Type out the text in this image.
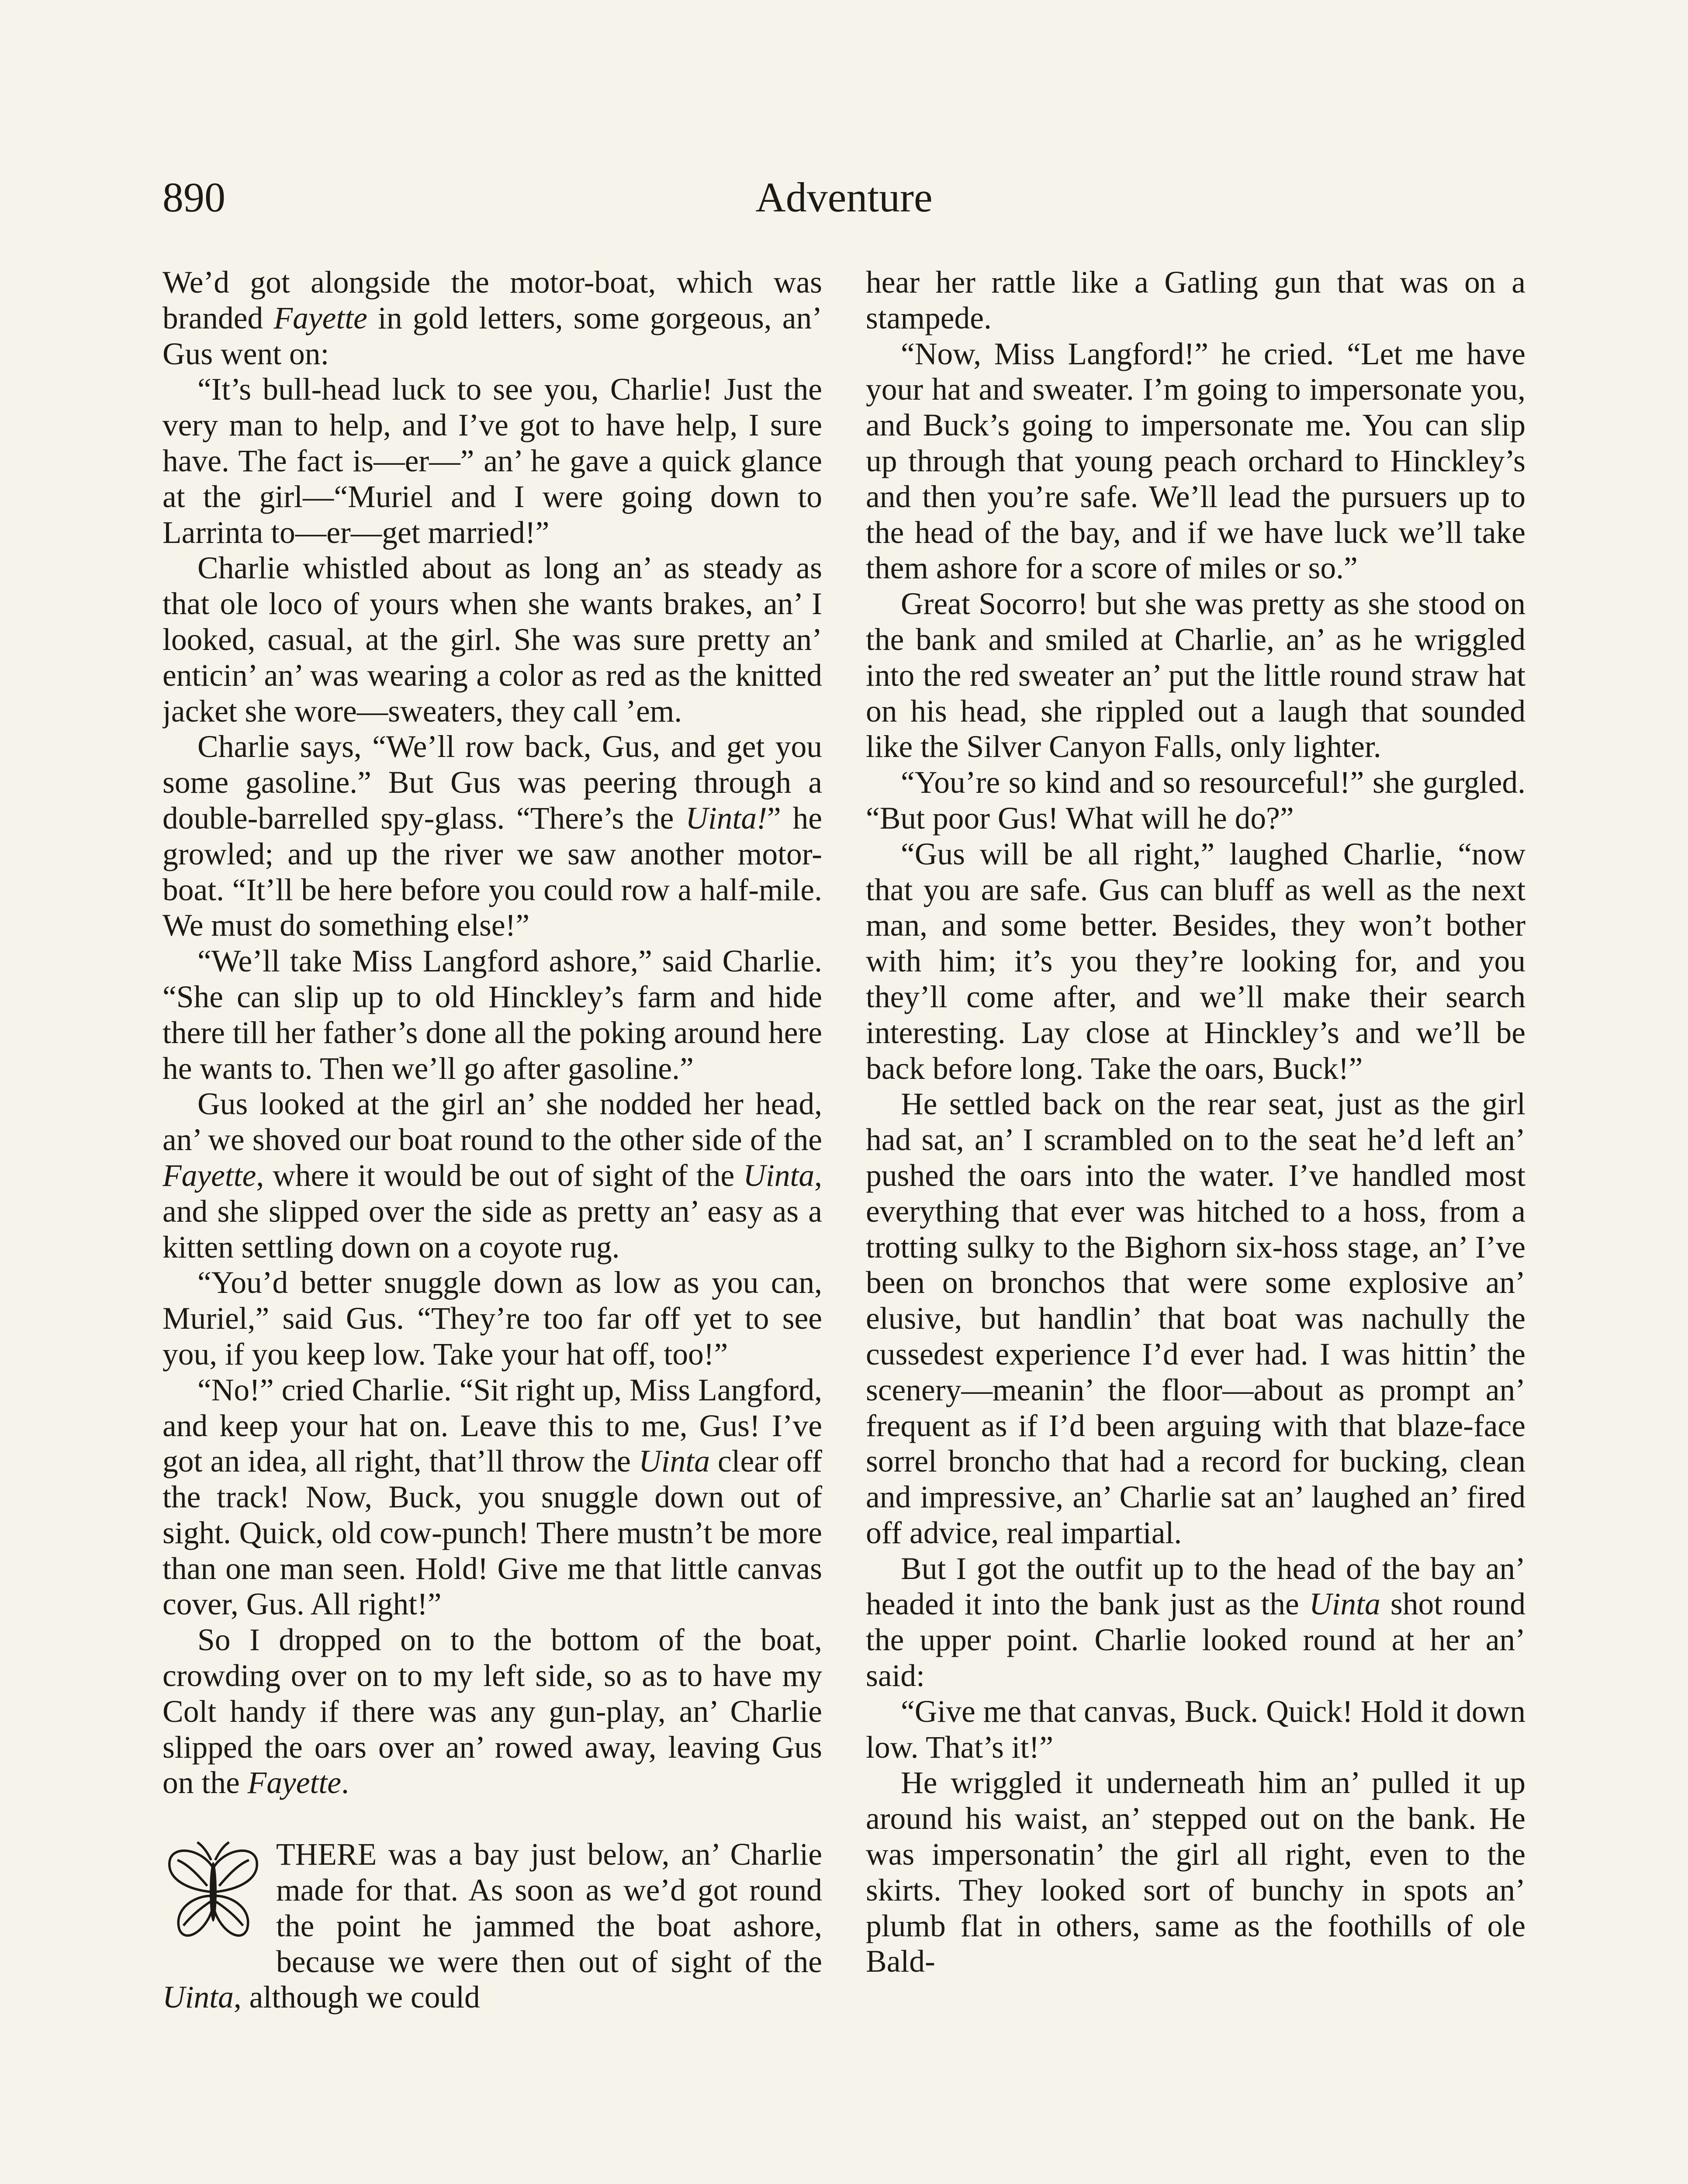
890	Adventure

We’d got alongside the motor-boat, which was branded Fayette in gold letters, some gorgeous, an’ Gus went on:

“It’s bull-head luck to see you, Charlie! Just the very man to help, and I’ve got to have help, I sure have. The fact is—er—” an’ he gave a quick glance at the girl—“Muriel and I were going down to Larrinta to—er—get married!”

Charlie whistled about as long an’ as steady as that ole loco of yours when she wants brakes, an’ I looked, casual, at the girl. She was sure pretty an’ enticin’ an’ was wearing a color as red as the knitted jacket she wore—sweaters, they call ’em.

Charlie says, “We’ll row back, Gus, and get you some gasoline.” But Gus was peering through a double-barrelled spy-glass. “There’s the Uinta!” he growled; and up the river we saw another motor-boat. “It’ll be here before you could row a half-mile. We must do something else!”

“We’ll take Miss Langford ashore,” said Charlie. “She can slip up to old Hinckley’s farm and hide there till her father’s done all the poking around here he wants to. Then we’ll go after gasoline.”

Gus looked at the girl an’ she nodded her head, an’ we shoved our boat round to the other side of the Fayette, where it would be out of sight of the Uinta, and she slipped over the side as pretty an’ easy as a kitten settling down on a coyote rug.

“You’d better snuggle down as low as you can, Muriel,” said Gus. “They’re too far off yet to see you, if you keep low. Take your hat off, too!”

“No!” cried Charlie. “Sit right up, Miss Langford, and keep your hat on. Leave this to me, Gus! I’ve got an idea, all right, that’ll throw the Uinta clear off the track! Now, Buck, you snuggle down out of sight. Quick, old cow-punch! There mustn’t be more than one man seen. Hold! Give me that little canvas cover, Gus. All right!”

So I dropped on to the bottom of the boat, crowding over on to my left side, so as to have my Colt handy if there was any gun-play, an’ Charlie slipped the oars over an’ rowed away, leaving Gus on the Fayette.

THERE was a bay just below, an’ Charlie made for that. As soon as we’d got round the point he jammed the boat ashore, because we were then out of sight of the Uinta, although we could

hear her rattle like a Gatling gun that was on a stampede.

“Now, Miss Langford!” he cried. “Let me have your hat and sweater. I’m going to impersonate you, and Buck’s going to impersonate me. You can slip up through that young peach orchard to Hinckley’s and then you’re safe. We’ll lead the pursuers up to the head of the bay, and if we have luck we’ll take them ashore for a score of miles or so.”

Great Socorro! but she was pretty as she stood on the bank and smiled at Charlie, an’ as he wriggled into the red sweater an’ put the little round straw hat on his head, she rippled out a laugh that sounded like the Silver Canyon Falls, only lighter.

“You’re so kind and so resourceful!” she gurgled. “But poor Gus! What will he do?”

“Gus will be all right,” laughed Charlie, “now that you are safe. Gus can bluff as well as the next man, and some better. Besides, they won’t bother with him; it’s you they’re looking for, and you they’ll come after, and we’ll make their search interesting. Lay close at Hinckley’s and we’ll be back before long. Take the oars, Buck!”

He settled back on the rear seat, just as the girl had sat, an’ I scrambled on to the seat he’d left an’ pushed the oars into the water. I’ve handled most everything that ever was hitched to a hoss, from a trotting sulky to the Bighorn six-hoss stage, an’ I’ve been on bronchos that were some explosive an’ elusive, but handlin’ that boat was nachully the cussedest experience I’d ever had. I was hittin’ the scenery—meanin’ the floor—about as prompt an’ frequent as if I’d been arguing with that blaze-face sorrel broncho that had a record for bucking, clean and impressive, an’ Charlie sat an’ laughed an’ fired off advice, real impartial.

But I got the outfit up to the head of the bay an’ headed it into the bank just as the Uinta shot round the upper point. Charlie looked round at her an’ said:

“Give me that canvas, Buck. Quick! Hold it down low. That’s it!”

He wriggled it underneath him an’ pulled it up around his waist, an’ stepped out on the bank. He was impersonatin’ the girl all right, even to the skirts. They looked sort of bunchy in spots an’ plumb flat in others, same as the foothills of ole Bald-
